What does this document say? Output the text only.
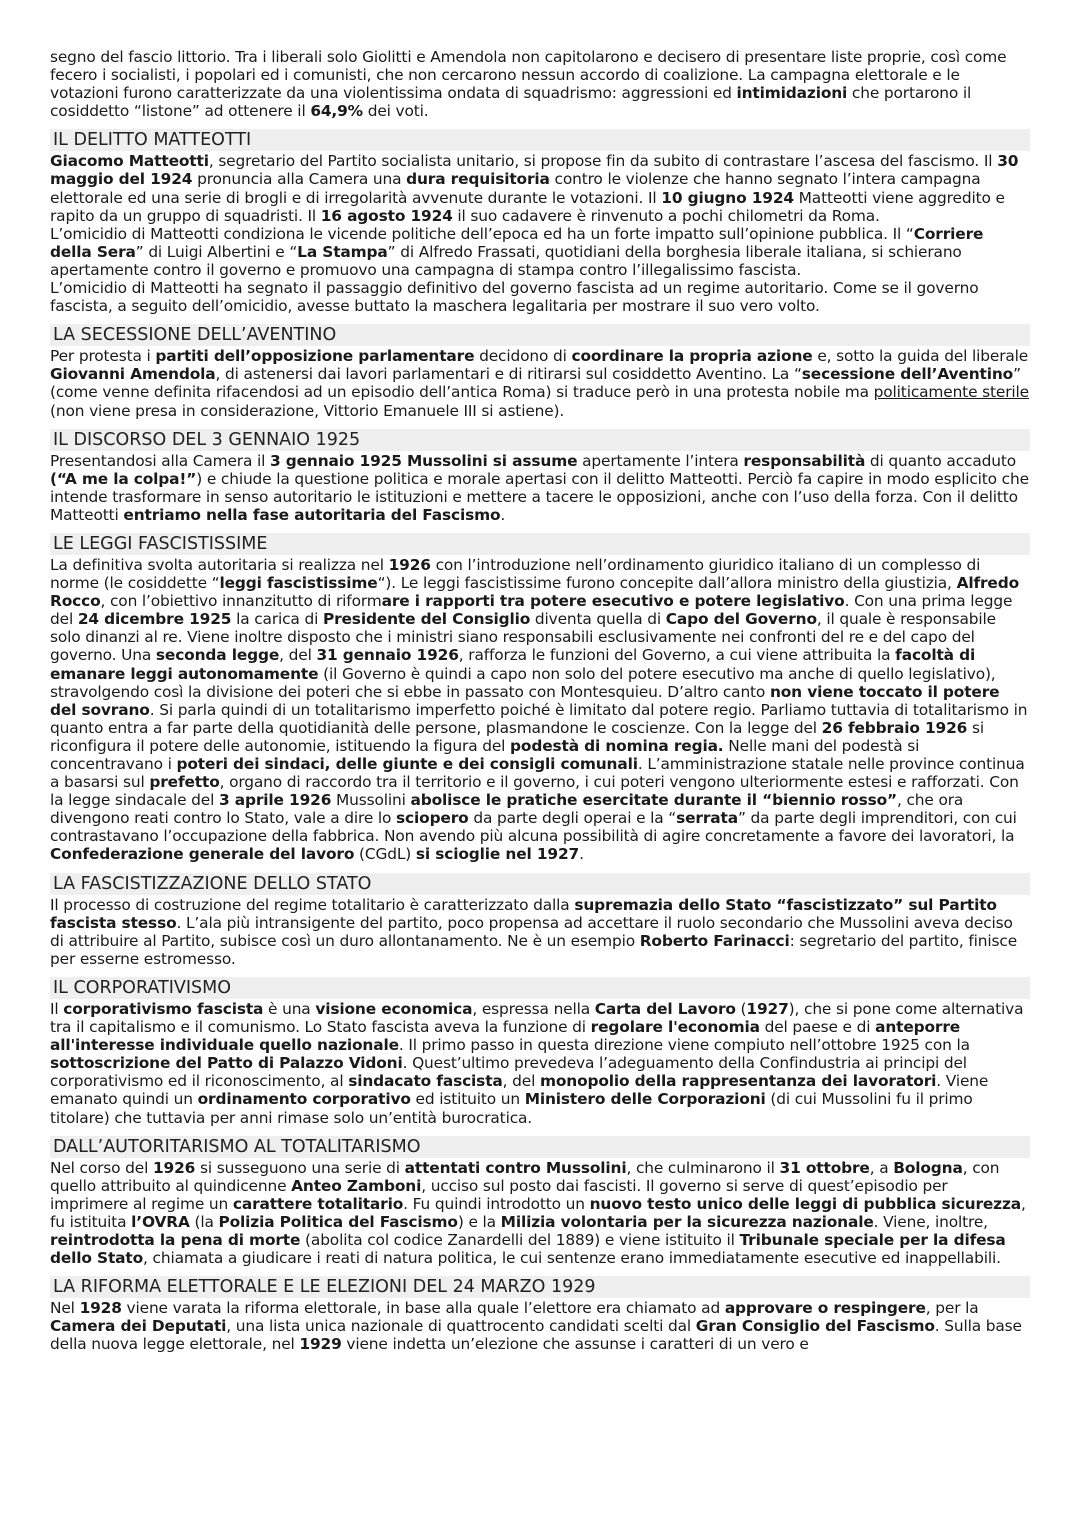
segno del fascio littorio. Tra i liberali solo Giolitti e Amendola non capitolarono e decisero di presentare liste proprie, così come fecero i socialisti, i popolari ed i comunisti, che non cercarono nessun accordo di coalizione. La campagna elettorale e le votazioni furono caratterizzate da una violentissima ondata di squadrismo: aggressioni ed intimidazioni che portarono il cosiddetto “listone” ad ottenere il 64,9% dei voti.

IL DELITTO MATTEOTTI

Giacomo Matteotti, segretario del Partito socialista unitario, si propose fin da subito di contrastare l’ascesa del fascismo. Il 30 maggio del 1924 pronuncia alla Camera una dura requisitoria contro le violenze che hanno segnato l’intera campagna elettorale ed una serie di brogli e di irregolarità avvenute durante le votazioni. Il 10 giugno 1924 Matteotti viene aggredito e rapito da un gruppo di squadristi. Il 16 agosto 1924 il suo cadavere è rinvenuto a pochi chilometri da Roma.

L’omicidio di Matteotti condiziona le vicende politiche dell’epoca ed ha un forte impatto sull’opinione pubblica. Il “Corriere della Sera” di Luigi Albertini e “La Stampa” di Alfredo Frassati, quotidiani della borghesia liberale italiana, si schierano apertamente contro il governo e promuovo una campagna di stampa contro l’illegalissimo fascista.

L’omicidio di Matteotti ha segnato il passaggio definitivo del governo fascista ad un regime autoritario. Come se il governo fascista, a seguito dell’omicidio, avesse buttato la maschera legalitaria per mostrare il suo vero volto.

LA SECESSIONE DELL’AVENTINO

Per protesta i partiti dell’opposizione parlamentare decidono di coordinare la propria azione e, sotto la guida del liberale Giovanni Amendola, di astenersi dai lavori parlamentari e di ritirarsi sul cosiddetto Aventino. La “secessione dell’Aventino” (come venne definita rifacendosi ad un episodio dell’antica Roma) si traduce però in una protesta nobile ma politicamente sterile (non viene presa in considerazione, Vittorio Emanuele III si astiene).

IL DISCORSO DEL 3 GENNAIO 1925

Presentandosi alla Camera il 3 gennaio 1925 Mussolini si assume apertamente l’intera responsabilità di quanto accaduto (“A me la colpa!”) e chiude la questione politica e morale apertasi con il delitto Matteotti. Perciò fa capire in modo esplicito che intende trasformare in senso autoritario le istituzioni e mettere a tacere le opposizioni, anche con l’uso della forza. Con il delitto Matteotti entriamo nella fase autoritaria del Fascismo.

LE LEGGI FASCISTISSIME

La definitiva svolta autoritaria si realizza nel 1926 con l’introduzione nell’ordinamento giuridico italiano di un complesso di norme (le cosiddette “leggi fascistissime“). Le leggi fascistissime furono concepite dall’allora ministro della giustizia, Alfredo Rocco, con l’obiettivo innanzitutto di riformare i rapporti tra potere esecutivo e potere legislativo. Con una prima legge del 24 dicembre 1925 la carica di Presidente del Consiglio diventa quella di Capo del Governo, il quale è responsabile solo dinanzi al re. Viene inoltre disposto che i ministri siano responsabili esclusivamente nei confronti del re e del capo del governo. Una seconda legge, del 31 gennaio 1926, rafforza le funzioni del Governo, a cui viene attribuita la facoltà di emanare leggi autonomamente (il Governo è quindi a capo non solo del potere esecutivo ma anche di quello legislativo), stravolgendo così la divisione dei poteri che si ebbe in passato con Montesquieu. D’altro canto non viene toccato il potere del sovrano. Si parla quindi di un totalitarismo imperfetto poiché è limitato dal potere regio. Parliamo tuttavia di totalitarismo in quanto entra a far parte della quotidianità delle persone, plasmandone le coscienze. Con la legge del 26 febbraio 1926 si riconfigura il potere delle autonomie, istituendo la figura del podestà di nomina regia. Nelle mani del podestà si concentravano i poteri dei sindaci, delle giunte e dei consigli comunali. L’amministrazione statale nelle province continua a basarsi sul prefetto, organo di raccordo tra il territorio e il governo, i cui poteri vengono ulteriormente estesi e rafforzati. Con la legge sindacale del 3 aprile 1926 Mussolini abolisce le pratiche esercitate durante il “biennio rosso”, che ora divengono reati contro lo Stato, vale a dire lo sciopero da parte degli operai e la “serrata” da parte degli imprenditori, con cui contrastavano l’occupazione della fabbrica. Non avendo più alcuna possibilità di agire concretamente a favore dei lavoratori, la Confederazione generale del lavoro (CGdL) si scioglie nel 1927.

LA FASCISTIZZAZIONE DELLO STATO

Il processo di costruzione del regime totalitario è caratterizzato dalla supremazia dello Stato “fascistizzato” sul Partito fascista stesso. L’ala più intransigente del partito, poco propensa ad accettare il ruolo secondario che Mussolini aveva deciso di attribuire al Partito, subisce così un duro allontanamento. Ne è un esempio Roberto Farinacci: segretario del partito, finisce per esserne estromesso.

IL CORPORATIVISMO

Il corporativismo fascista è una visione economica, espressa nella Carta del Lavoro (1927), che si pone come alternativa tra il capitalismo e il comunismo. Lo Stato fascista aveva la funzione di regolare l'economia del paese e di anteporre all'interesse individuale quello nazionale. Il primo passo in questa direzione viene compiuto nell’ottobre 1925 con la sottoscrizione del Patto di Palazzo Vidoni. Quest’ultimo prevedeva l’adeguamento della Confindustria ai principi del corporativismo ed il riconoscimento, al sindacato fascista, del monopolio della rappresentanza dei lavoratori. Viene emanato quindi un ordinamento corporativo ed istituito un Ministero delle Corporazioni (di cui Mussolini fu il primo titolare) che tuttavia per anni rimase solo un’entità burocratica.

DALL’AUTORITARISMO AL TOTALITARISMO

Nel corso del 1926 si susseguono una serie di attentati contro Mussolini, che culminarono il 31 ottobre, a Bologna, con quello attribuito al quindicenne Anteo Zamboni, ucciso sul posto dai fascisti. Il governo si serve di quest’episodio per imprimere al regime un carattere totalitario. Fu quindi introdotto un nuovo testo unico delle leggi di pubblica sicurezza, fu istituita l’OVRA (la Polizia Politica del Fascismo) e la Milizia volontaria per la sicurezza nazionale. Viene, inoltre, reintrodotta la pena di morte (abolita col codice Zanardelli del 1889) e viene istituito il Tribunale speciale per la difesa dello Stato, chiamata a giudicare i reati di natura politica, le cui sentenze erano immediatamente esecutive ed inappellabili.

LA RIFORMA ELETTORALE E LE ELEZIONI DEL 24 MARZO 1929

Nel 1928 viene varata la riforma elettorale, in base alla quale l’elettore era chiamato ad approvare o respingere, per la Camera dei Deputati, una lista unica nazionale di quattrocento candidati scelti dal Gran Consiglio del Fascismo. Sulla base della nuova legge elettorale, nel 1929 viene indetta un’elezione che assunse i caratteri di un vero e
